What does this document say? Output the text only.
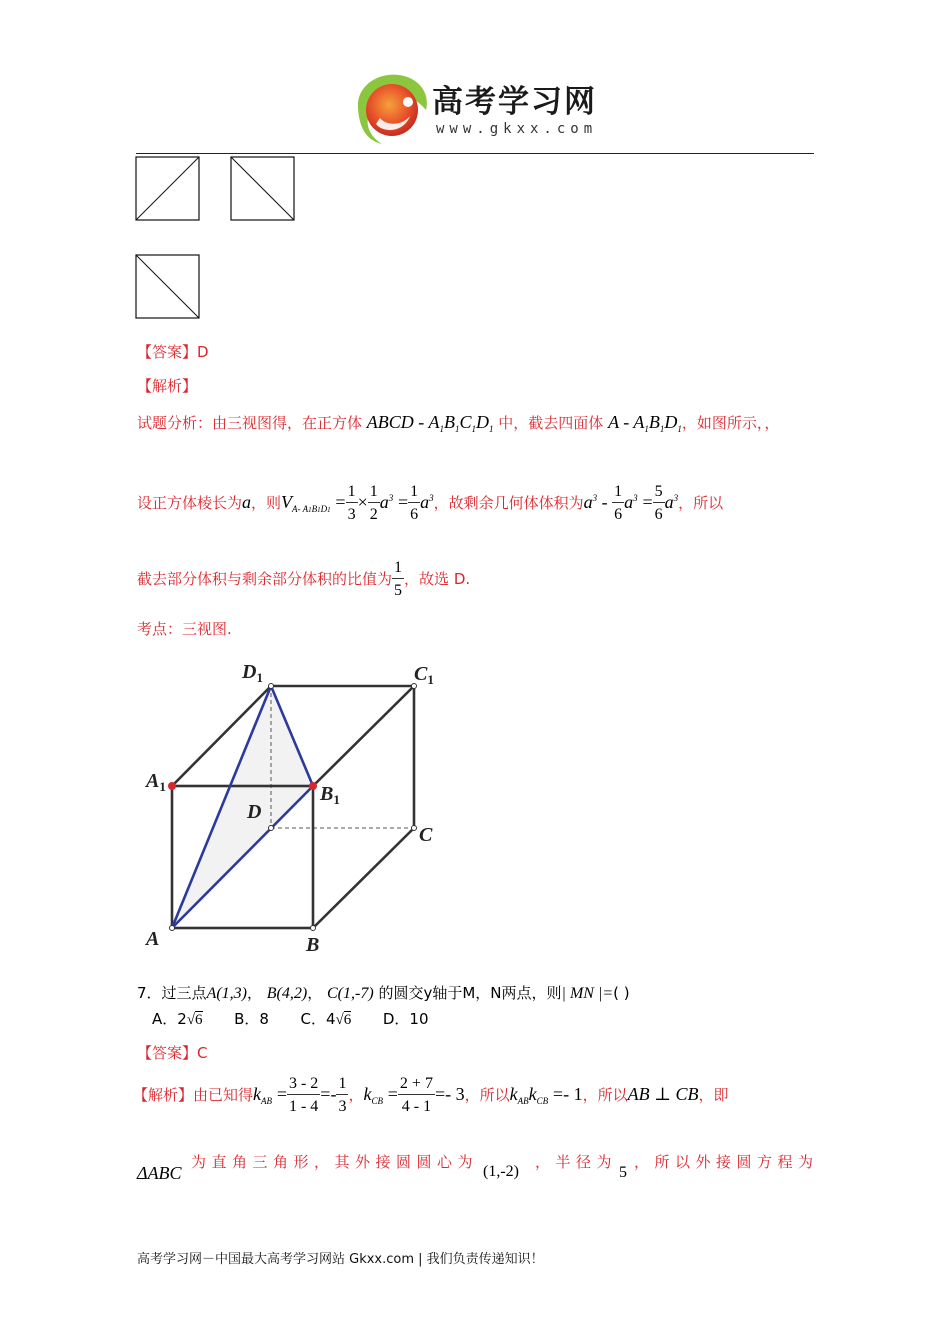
高考学习网
www.gkxx.com
【答案】D
【解析】
试题分析：由三视图得，在正方体 ABCD - $A_1B_1C_1D_1$ 中，截去四面体 A - $A_1B_1D_1$，如图所示，，
设正方体棱长为a，则$V_{A- A1B1D1} = \frac{1}{3} \times \frac{1}{2} a^3 = \frac{1}{6} a^3$，故剩余几何体体积为$a^3 - \frac{1}{6} a^3 = \frac{5}{6} a^3$，所以
截去部分体积与剩余部分体积的比值为 $\frac{1}{5}$ ，故选 D.
考点：三视图.
$D_1$	$C_1$
$A_1$	$B_1$
D
C
A	B
7．过三点A(1,3)， B(4,2)， C(1,-7) 的圆交y轴于M，N两点，则| MN |=( )
A．2√6 B．8 C．4√6 D．10
【答案】C
【解析】由已知得$k_{AB} = \frac{3 - 2}{1 - 4} =- \frac{1}{3}$ ，$k_{CB} = \frac{2 + 7}{4 - 1} =- 3$，所以$k_{AB}k_{CB} =- 1$，所以AB ⊥ CB，即
ΔABC
为直角三角形，其外接圆圆心为
(1,-2)
，半径为
5
，所以外接圆方程为
高考学习网－中国最大高考学习网站 Gkxx.com | 我们负责传递知识！
